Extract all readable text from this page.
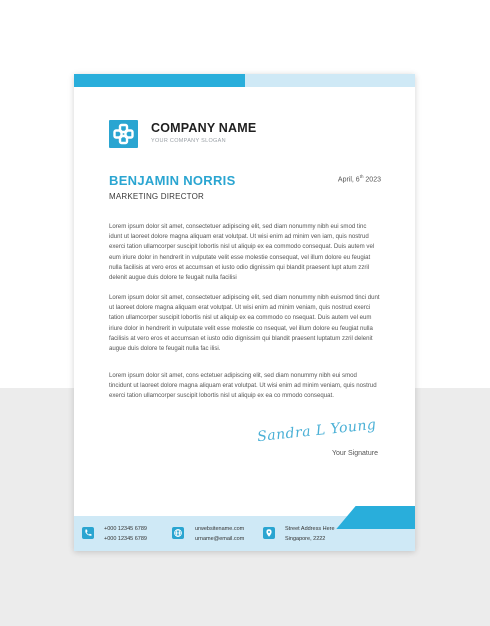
COMPANY NAME
YOUR COMPANY SLOGAN
BENJAMIN NORRIS
MARKETING DIRECTOR
April, 6th 2023

Lorem ipsum dolor sit amet, consectetuer adipiscing elit, sed diam nonummy nibh eui smod tinc idunt ut laoreet dolore magna aliquam erat volutpat. Ut wisi enim ad minim ven iam, quis nostrud exerci tation ullamcorper suscipit lobortis nisl ut aliquip ex ea commodo consequat. Duis autem vel eum iriure dolor in hendrerit in vulputate velit esse molestie consequat, vel illum dolore eu feugiat nulla facilisis at vero eros et accumsan et iusto odio dignissim qui blandit praesent lupt atum zzril delenit augue duis dolore te feugait nulla facilisi

Lorem ipsum dolor sit amet, consectetuer adipiscing elit, sed diam nonummy nibh euismod tinci dunt ut laoreet dolore magna aliquam erat volutpat. Ut wisi enim ad minim veniam, quis nostrud exerci tation ullamcorper suscipit lobortis nisl ut aliquip ex ea commodo co nsequat. Duis autem vel eum iriure dolor in hendrerit in vulputate velit esse molestie co nsequat, vel illum dolore eu feugiat nulla facilisis at vero eros et accumsan et iusto odio dignissim qui blandit praesent luptatum zzril delenit augue duis dolore te feugait nulla fac ilisi.

Lorem ipsum dolor sit amet, cons ectetuer adipiscing elit, sed diam nonummy nibh eui smod tincidunt ut laoreet dolore magna aliquam erat volutpat. Ut wisi enim ad minim veniam, quis nostrud exerci tation ullamcorper suscipit lobortis nisl ut aliquip ex ea co mmodo consequat.

Sandra L Young
Your Signature
+000 12345 6789
+000 12345 6789
urwebsitename.com
urname@email.com
Street Address Here
Singapore, 2222
